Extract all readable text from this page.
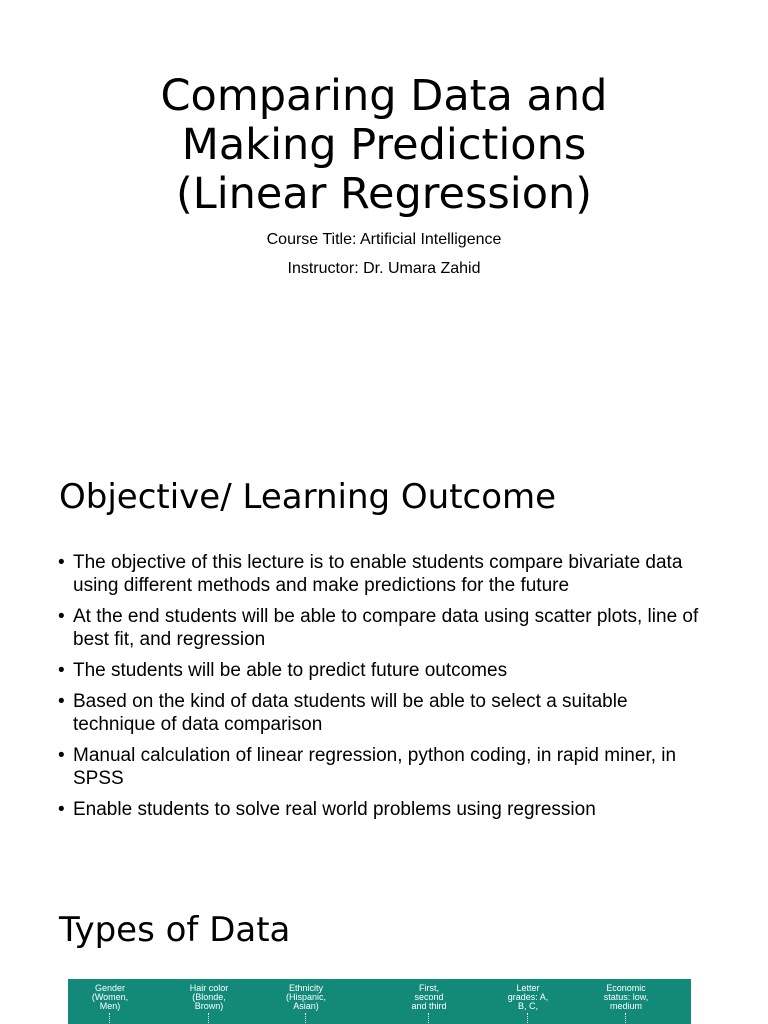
Comparing Data and
Making Predictions
(Linear Regression)
Course Title: Artificial Intelligence
Instructor: Dr. Umara Zahid
Objective/ Learning Outcome
• The objective of this lecture is to enable students compare bivariate data using different methods and make predictions for the future
• At the end students will be able to compare data using scatter plots, line of best fit, and regression
• The students will be able to predict future outcomes
• Based on the kind of data students will be able to select a suitable technique of data comparison
• Manual calculation of linear regression, python coding, in rapid miner, in SPSS
• Enable students to solve real world problems using regression
Types of Data
Gender
(Women,
Men)
Hair color
(Blonde,
Brown)
Ethnicity
(Hispanic,
Asian)
First,
second
and third
Letter
grades: A,
B, C,
Economic
status: low,
medium
